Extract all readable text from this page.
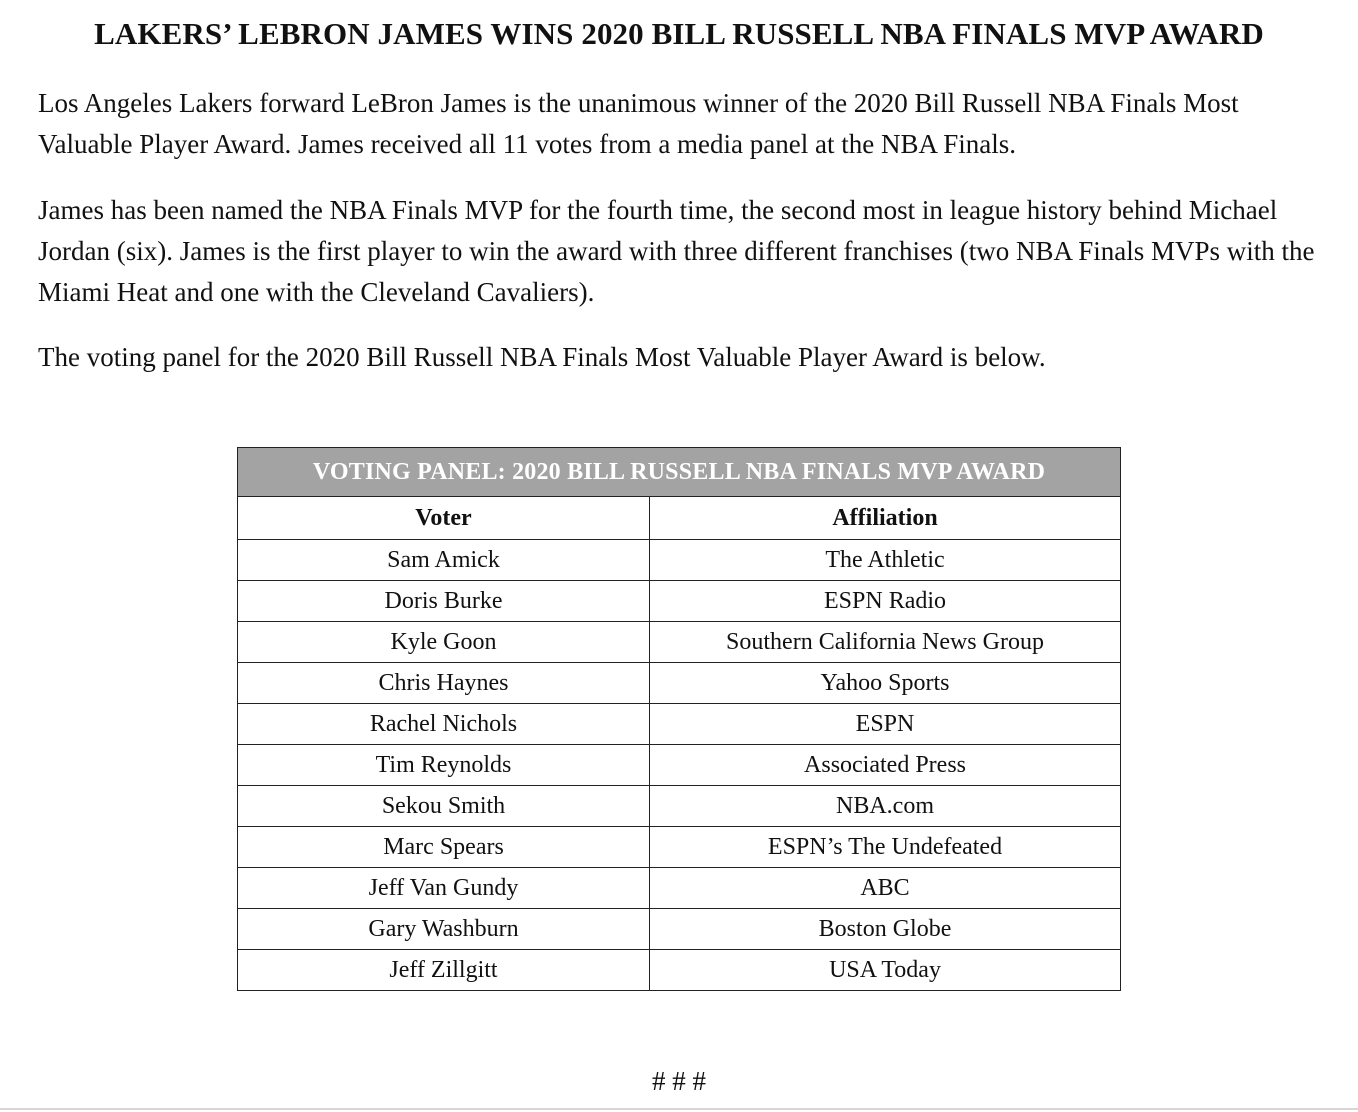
LAKERS’ LEBRON JAMES WINS 2020 BILL RUSSELL NBA FINALS MVP AWARD

Los Angeles Lakers forward LeBron James is the unanimous winner of the 2020 Bill Russell NBA Finals Most Valuable Player Award. James received all 11 votes from a media panel at the NBA Finals.

James has been named the NBA Finals MVP for the fourth time, the second most in league history behind Michael Jordan (six). James is the first player to win the award with three different franchises (two NBA Finals MVPs with the Miami Heat and one with the Cleveland Cavaliers).

The voting panel for the 2020 Bill Russell NBA Finals Most Valuable Player Award is below.

VOTING PANEL: 2020 BILL RUSSELL NBA FINALS MVP AWARD	
Voter	Affiliation
Sam Amick	The Athletic
Doris Burke	ESPN Radio
Kyle Goon	Southern California News Group
Chris Haynes	Yahoo Sports
Rachel Nichols	ESPN
Tim Reynolds	Associated Press
Sekou Smith	NBA.com
Marc Spears	ESPN’s The Undefeated
Jeff Van Gundy	ABC
Gary Washburn	Boston Globe
Jeff Zillgitt	USA Today

# # #
